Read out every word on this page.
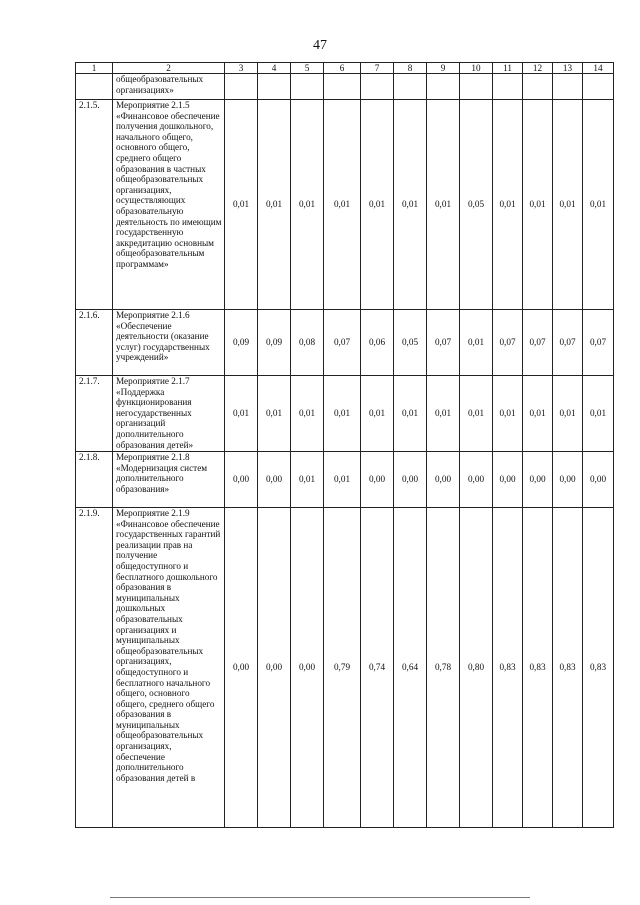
47
1	2	3	4	5	6	7	8	9	10	11	12	13	14
	общеобразовательных организациях»												
2.1.5.	Мероприятие 2.1.5 «Финансовое обеспечение получения дошкольного, начального общего, основного общего, среднего общего образования в частных общеобразовательных организациях, осуществляющих образовательную деятельность по имеющим государственную аккредитацию основным общеобразовательным программам»	0,01	0,01	0,01	0,01	0,01	0,01	0,01	0,05	0,01	0,01	0,01	0,01
2.1.6.	Мероприятие 2.1.6 «Обеспечение деятельности (оказание услуг) государственных учреждений»	0,09	0,09	0,08	0,07	0,06	0,05	0,07	0,01	0,07	0,07	0,07	0,07
2.1.7.	Мероприятие 2.1.7 «Поддержка функционирования негосударственных организаций дополнительного образования детей»	0,01	0,01	0,01	0,01	0,01	0,01	0,01	0,01	0,01	0,01	0,01	0,01
2.1.8.	Мероприятие 2.1.8 «Модернизация систем дополнительного образования»	0,00	0,00	0,01	0,01	0,00	0,00	0,00	0,00	0,00	0,00	0,00	0,00
2.1.9.	Мероприятие 2.1.9 «Финансовое обеспечение государственных гарантий реализации прав на получение общедоступного и бесплатного дошкольного образования в муниципальных дошкольных образовательных организациях и муниципальных общеобразовательных организациях, общедоступного и бесплатного начального общего, основного общего, среднего общего образования в муниципальных общеобразовательных организациях, обеспечение дополнительного образования детей в	0,00	0,00	0,00	0,79	0,74	0,64	0,78	0,80	0,83	0,83	0,83	0,83
